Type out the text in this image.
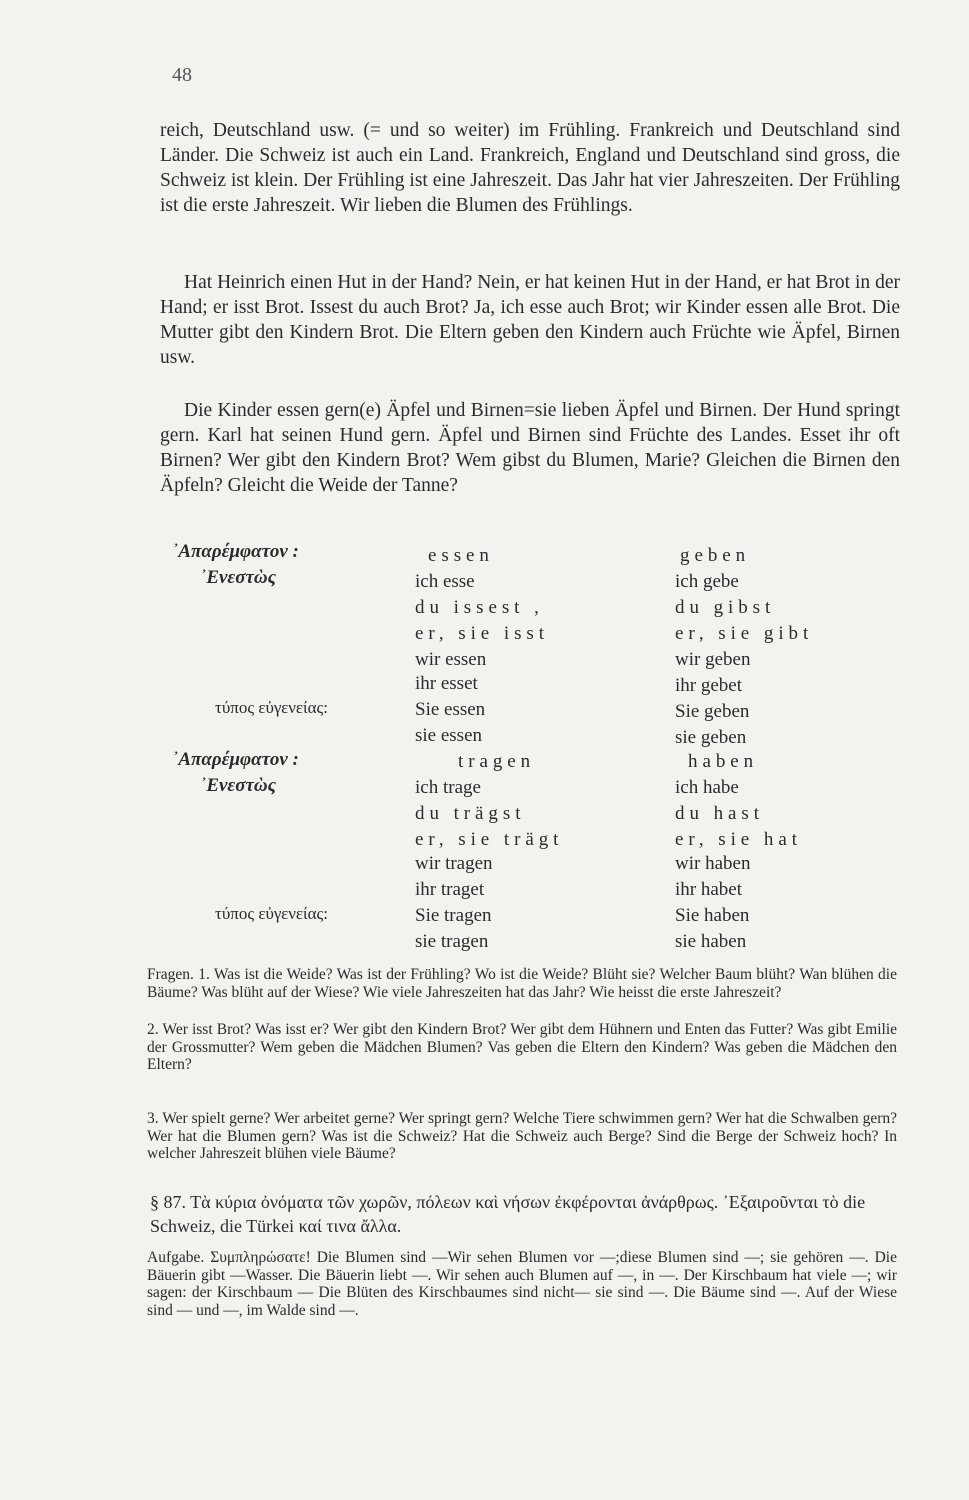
48

reich, Deutschland usw. (= und so weiter) im Frühling. Frankreich und Deutschland sind Länder. Die Schweiz ist auch ein Land. Frankreich, England und Deutschland sind gross, die Schweiz ist klein. Der Frühling ist eine Jahreszeit. Das Jahr hat vier Jahreszeiten. Der Frühling ist die erste Jahreszeit. Wir lieben die Blumen des Frühlings.

Hat Heinrich einen Hut in der Hand? Nein, er hat keinen Hut in der Hand, er hat Brot in der Hand; er isst Brot. Issest du auch Brot? Ja, ich esse auch Brot; wir Kinder essen alle Brot. Die Mutter gibt den Kindern Brot. Die Eltern geben den Kindern auch Früchte wie Äpfel, Birnen usw.

Die Kinder essen gern(e) Äpfel und Birnen=sie lieben Äpfel und Birnen. Der Hund springt gern. Karl hat seinen Hund gern. Äpfel und Birnen sind Früchte des Landes. Esset ihr oft Birnen? Wer gibt den Kindern Brot? Wem gibst du Blumen, Marie? Gleichen die Birnen den Äpfeln? Gleicht die Weide der Tanne?

᾿Απαρέμφατον :
᾿Ενεστὼς
τύπος εὐγενείας:
essen
ich esse
du issest ,
er, sie isst
wir essen
ihr esset
Sie essen
sie essen
geben
ich gebe
du gibst
er, sie gibt
wir geben
ihr gebet
Sie geben
sie geben
᾿Απαρέμφατον :
᾿Ενεστὼς
τύπος εὐγενείας:
tragen
ich trage
du trägst
er, sie trägt
wir tragen
ihr traget
Sie tragen
sie tragen
haben
ich habe
du hast
er, sie hat
wir haben
ihr habet
Sie haben
sie haben
Fragen. 1. Was ist die Weide? Was ist der Frühling? Wo ist die Weide? Blüht sie? Welcher Baum blüht? Wan blühen die Bäume? Was blüht auf der Wiese? Wie viele Jahreszeiten hat das Jahr? Wie heisst die erste Jahreszeit?
2. Wer isst Brot? Was isst er? Wer gibt den Kindern Brot? Wer gibt dem Hühnern und Enten das Futter? Was gibt Emilie der Grossmutter? Wem geben die Mädchen Blumen? Vas geben die Eltern den Kindern? Was geben die Mädchen den Eltern?
3. Wer spielt gerne? Wer arbeitet gerne? Wer springt gern? Welche Tiere schwimmen gern? Wer hat die Schwalben gern? Wer hat die Blumen gern? Was ist die Schweiz? Hat die Schweiz auch Berge? Sind die Berge der Schweiz hoch? In welcher Jahreszeit blühen viele Bäume?
§ 87. Τὰ κύρια ὀνόματα τῶν χωρῶν, πόλεων καὶ νήσων ἐκφέρονται ἀνάρθρως. ᾿Εξαιροῦνται τὸ die Schweiz, die Türkei καί τινα ἄλλα.
Aufgabe. Συμπληρώσατε! Die Blumen sind —Wir sehen Blumen vor —;diese Blumen sind —; sie gehören —. Die Bäuerin gibt —Wasser. Die Bäuerin liebt —. Wir sehen auch Blumen auf —, in —. Der Kirschbaum hat viele —; wir sagen: der Kirschbaum — Die Blüten des Kirschbaumes sind nicht— sie sind —. Die Bäume sind —. Auf der Wiese sind — und —, im Walde sind —.
